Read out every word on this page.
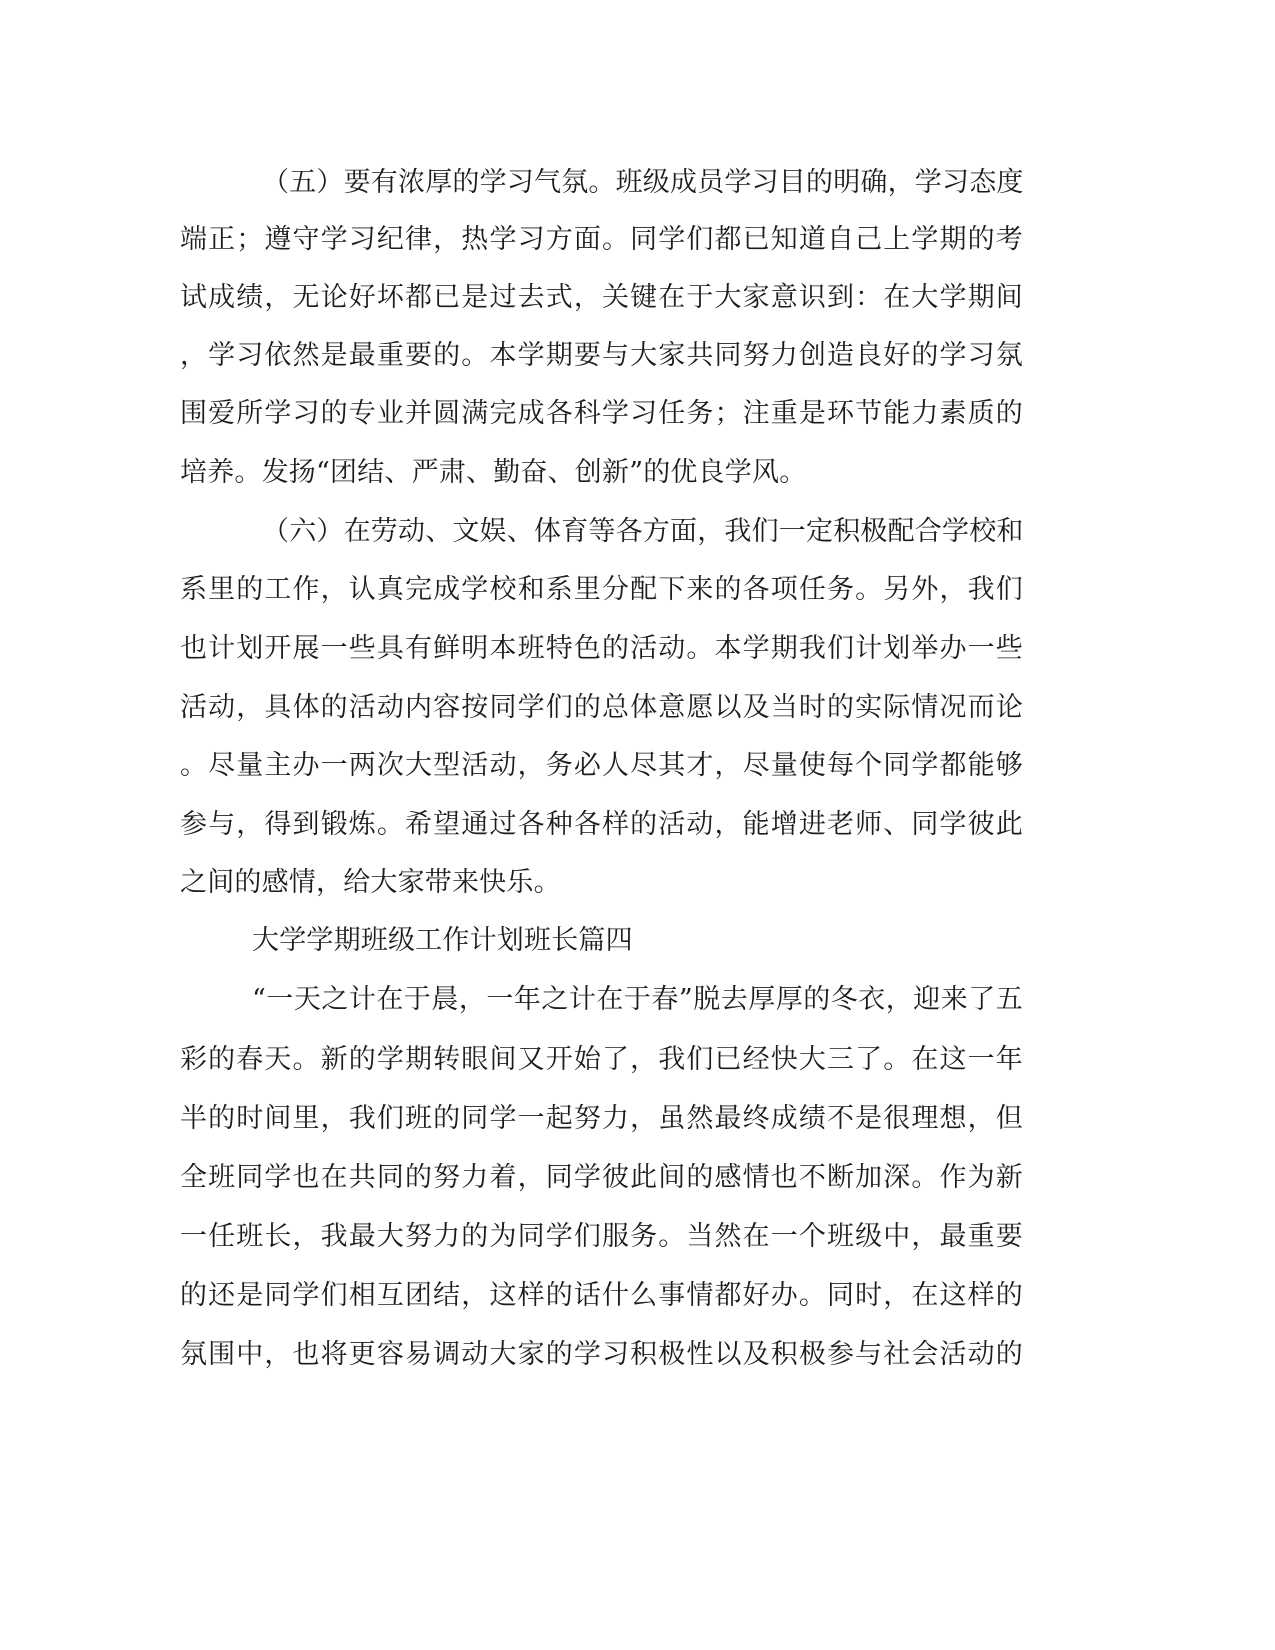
（五）要有浓厚的学习气氛。班级成员学习目的明确，学习态度
端正；遵守学习纪律，热学习方面。同学们都已知道自己上学期的考
试成绩，无论好坏都已是过去式，关键在于大家意识到：在大学期间
，学习依然是最重要的。本学期要与大家共同努力创造良好的学习氛
围爱所学习的专业并圆满完成各科学习任务；注重是环节能力素质的
培养。发扬“团结、严肃、勤奋、创新”的优良学风。
（六）在劳动、文娱、体育等各方面，我们一定积极配合学校和
系里的工作，认真完成学校和系里分配下来的各项任务。另外，我们
也计划开展一些具有鲜明本班特色的活动。本学期我们计划举办一些
活动，具体的活动内容按同学们的总体意愿以及当时的实际情况而论
。尽量主办一两次大型活动，务必人尽其才，尽量使每个同学都能够
参与，得到锻炼。希望通过各种各样的活动，能增进老师、同学彼此
之间的感情，给大家带来快乐。
大学学期班级工作计划班长篇四
“一天之计在于晨，一年之计在于春”脱去厚厚的冬衣，迎来了五
彩的春天。新的学期转眼间又开始了，我们已经快大三了。在这一年
半的时间里，我们班的同学一起努力，虽然最终成绩不是很理想，但
全班同学也在共同的努力着，同学彼此间的感情也不断加深。作为新
一任班长，我最大努力的为同学们服务。当然在一个班级中，最重要
的还是同学们相互团结，这样的话什么事情都好办。同时，在这样的
氛围中，也将更容易调动大家的学习积极性以及积极参与社会活动的
